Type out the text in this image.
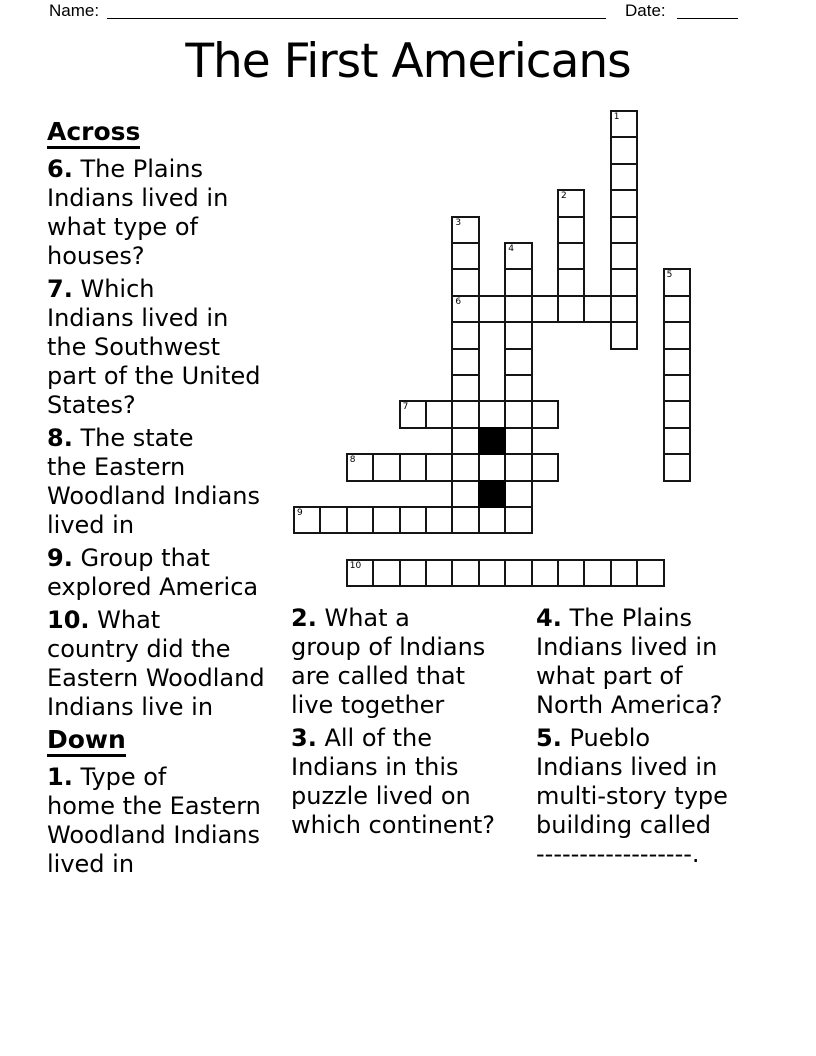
Name:	Date:
The First Americans
1
2
3
6
4
5
7
8
9
10
Across
6. The Plains
Indians lived in
what type of
houses?
7. Which
Indians lived in
the Southwest
part of the United
States?
8. The state
the Eastern
Woodland Indians
lived in
9. Group that
explored America
10. What
country did the
Eastern Woodland
Indians live in
Down
1. Type of
home the Eastern
Woodland Indians
lived in
2. What a
group of lndians
are called that
live together
3. All of the
Indians in this
puzzle lived on
which continent?
4. The Plains
Indians lived in
what part of
North America?
5. Pueblo
Indians lived in
multi-story type
building called
------------------.
